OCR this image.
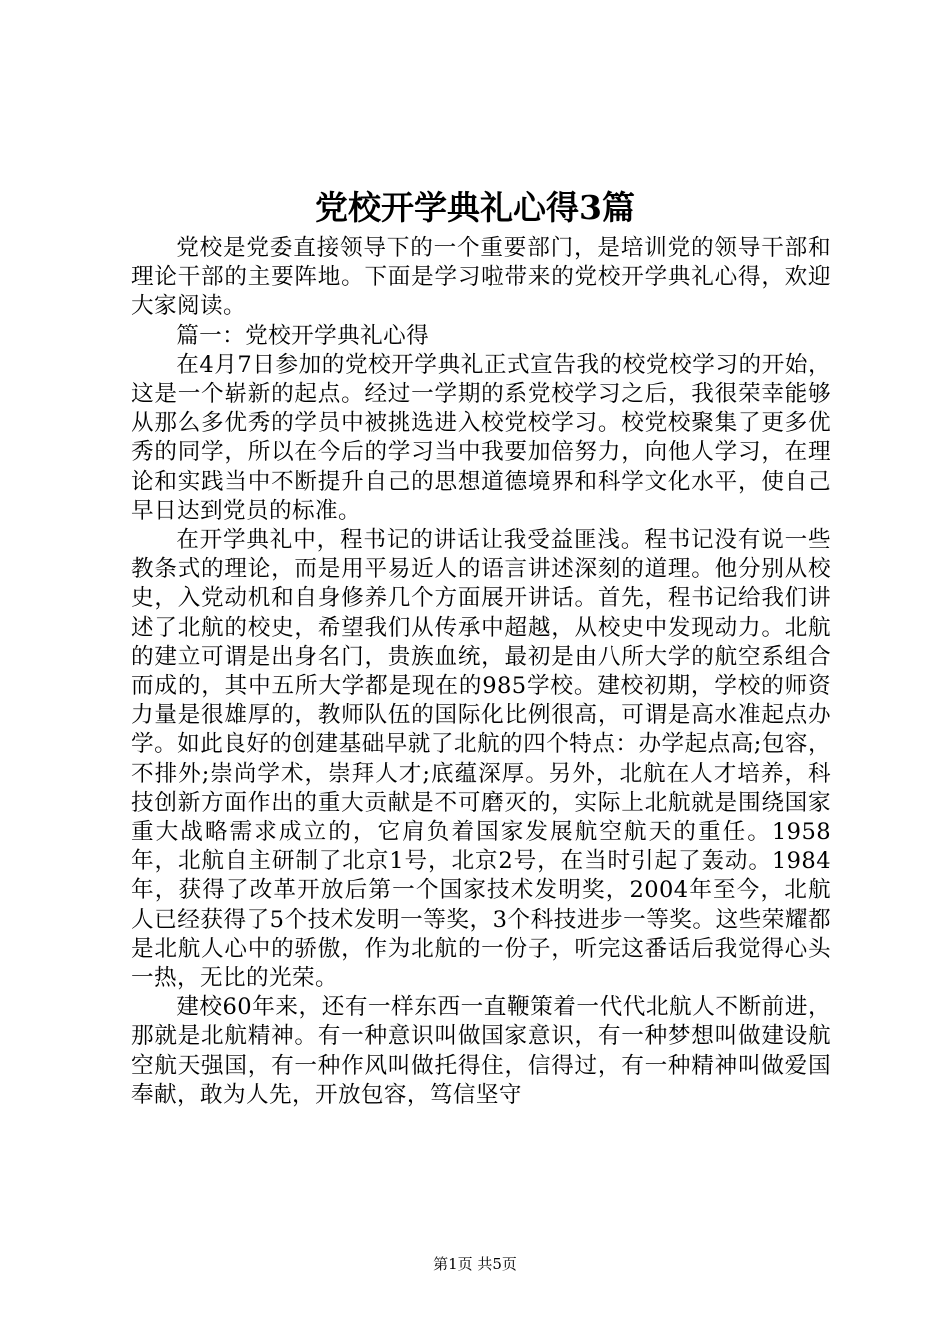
党校开学典礼心得3篇

党校是党委直接领导下的一个重要部门，是培训党的领导干部和理论干部的主要阵地。下面是学习啦带来的党校开学典礼心得，欢迎大家阅读。

篇一：党校开学典礼心得

在4月7日参加的党校开学典礼正式宣告我的校党校学习的开始，这是一个崭新的起点。经过一学期的系党校学习之后，我很荣幸能够从那么多优秀的学员中被挑选进入校党校学习。校党校聚集了更多优秀的同学，所以在今后的学习当中我要加倍努力，向他人学习，在理论和实践当中不断提升自己的思想道德境界和科学文化水平，使自己早日达到党员的标准。

在开学典礼中，程书记的讲话让我受益匪浅。程书记没有说一些教条式的理论，而是用平易近人的语言讲述深刻的道理。他分别从校史，入党动机和自身修养几个方面展开讲话。首先，程书记给我们讲述了北航的校史，希望我们从传承中超越，从校史中发现动力。北航的建立可谓是出身名门，贵族血统，最初是由八所大学的航空系组合而成的，其中五所大学都是现在的985学校。建校初期，学校的师资力量是很雄厚的，教师队伍的国际化比例很高，可谓是高水准起点办学。如此良好的创建基础早就了北航的四个特点：办学起点高;包容，不排外;崇尚学术，崇拜人才;底蕴深厚。另外，北航在人才培养，科技创新方面作出的重大贡献是不可磨灭的，实际上北航就是围绕国家重大战略需求成立的，它肩负着国家发展航空航天的重任。1958年，北航自主研制了北京1号，北京2号，在当时引起了轰动。1984年，获得了改革开放后第一个国家技术发明奖，2004年至今，北航人已经获得了5个技术发明一等奖，3个科技进步一等奖。这些荣耀都是北航人心中的骄傲，作为北航的一份子，听完这番话后我觉得心头一热，无比的光荣。

建校60年来，还有一样东西一直鞭策着一代代北航人不断前进，那就是北航精神。有一种意识叫做国家意识，有一种梦想叫做建设航空航天强国，有一种作风叫做托得住，信得过，有一种精神叫做爱国奉献，敢为人先，开放包容，笃信坚守

第1页 共5页
